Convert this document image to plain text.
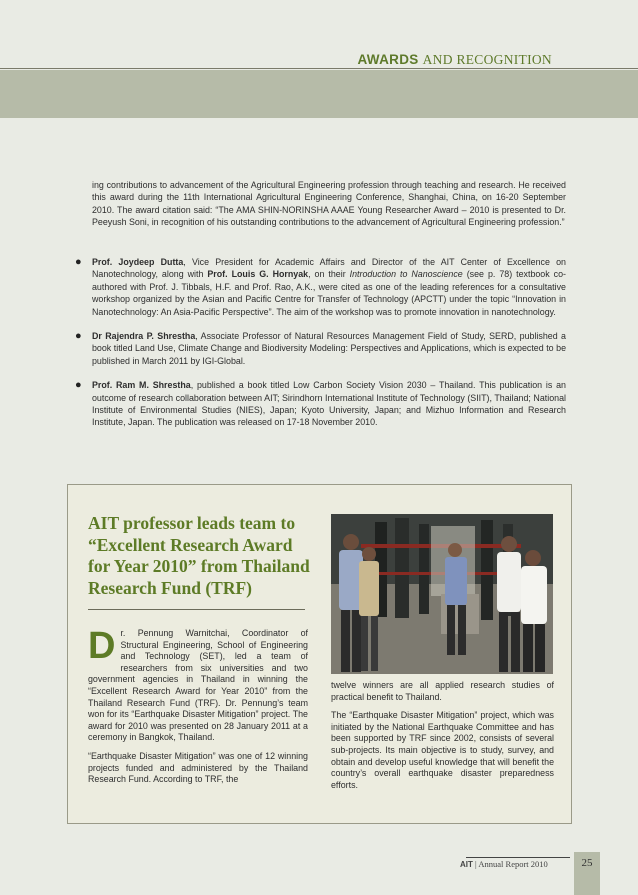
AWARDS AND RECOGNITION

ing contributions to advancement of the Agricultural Engineering profession through teaching and research. He received this award during the 11th International Agricultural Engineering Conference, Shanghai, China, on 16-20 September 2010. The award citation said: “The AMA SHIN-NORINSHA AAAE Young Researcher Award – 2010 is presented to Dr. Peeyush Soni, in recognition of his outstanding contributions to the advancement of Agricultural Engineering profession.”

● Prof. Joydeep Dutta, Vice President for Academic Affairs and Director of the AIT Center of Excellence on Nanotechnology, along with Prof. Louis G. Hornyak, on their Introduction to Nanoscience (see p. 78) textbook co-authored with Prof. J. Tibbals, H.F. and Prof. Rao, A.K., were cited as one of the leading references for a consultative workshop organized by the Asian and Pacific Centre for Transfer of Technology (APCTT) under the topic “Innovation in Nanotechnology: An Asia-Pacific Perspective”. The aim of the workshop was to promote innovation in nanotechnology.
● Dr Rajendra P. Shrestha, Associate Professor of Natural Resources Management Field of Study, SERD, published a book titled Land Use, Climate Change and Biodiversity Modeling: Perspectives and Applications, which is expected to be published in March 2011 by IGI-Global.
● Prof. Ram M. Shrestha, published a book titled Low Carbon Society Vision 2030 – Thailand. This publication is an outcome of research collaboration between AIT; Sirindhorn International Institute of Technology (SIIT), Thailand; National Institute of Environmental Studies (NIES), Japan; Kyoto University, Japan; and Mizhuo Information and Research Institute, Japan. The publication was released on 17-18 November 2010.
AIT professor leads team to “Excellent Research Award for Year 2010” from Thailand Research Fund (TRF)

Dr. Pennung Warnitchai, Coordinator of Structural Engineering, School of Engineering and Technology (SET), led a team of researchers from six universities and two government agencies in Thailand in winning the “Excellent Research Award for Year 2010” from the Thailand Research Fund (TRF). Dr. Pennung’s team won for its “Earthquake Disaster Mitigation” project. The award for 2010 was presented on 28 January 2011 at a ceremony in Bangkok, Thailand.

“Earthquake Disaster Mitigation” was one of 12 winning projects funded and administered by the Thailand Research Fund. According to TRF, the

twelve winners are all applied research studies of practical benefit to Thailand.

The “Earthquake Disaster Mitigation” project, which was initiated by the National Earthquake Committee and has been supported by TRF since 2002, consists of several sub-projects. Its main objective is to study, survey, and obtain and develop useful knowledge that will benefit the country’s overall earthquake disaster preparedness efforts.

AIT | Annual Report 2010	25
